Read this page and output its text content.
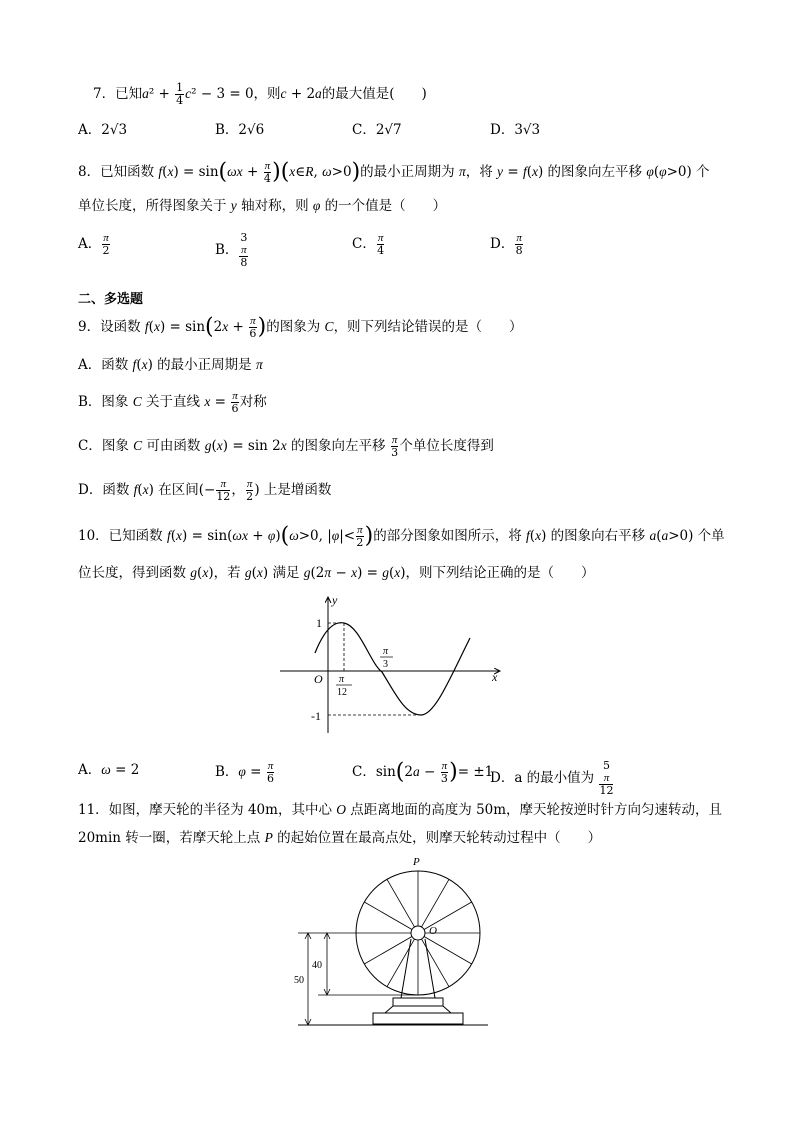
7．已知$a^2 + \frac{1}{4} c^2 - 3 = 0$，则c + 2a的最大值是(　　)
A．2√3	B．2√6	C．2√7	D．3√3
8．已知函数 $f(x) = \sin(\omega x + \frac{\pi}{4}$ )(x∈R, ω>0)的最小正周期为 π，将 y = f(x) 的图象向左平移 φ(φ>0) 个
单位长度，所得图象关于 y 轴对称，则 φ 的一个值是（　　）
A． $\frac{\pi}{2}$	B． 3
π
8	C． $\frac{\pi}{4}$	D． $\frac{\pi}{8}$
二、多选题
9．设函数 $f(x) = \sin(2x + \frac{\pi}{6}$ )的图象为 C，则下列结论错误的是（　　）
A．函数 f(x) 的最小正周期是 π
B．图象 C 关于直线 $x = \frac{\pi}{6}$ 对称
C．图象 C 可由函数 g(x) = sin 2x 的图象向左平移 $\frac{\pi}{3}$ 个单位长度得到
D．函数 f(x) 在区间(− $\frac{\pi}{12}$ ， $\frac{\pi}{2}$ ) 上是增函数
10．已知函数 f(x) = sin(ωx + φ)(ω>0, $|\varphi|< \frac{\pi}{2}$ )的部分图象如图所示，将 f(x) 的图象向右平移 a(a>0) 个单
位长度，得到函数 g(x)，若 g(x) 满足 g(2π − x) = g(x)，则下列结论正确的是（　　）
y
x
O
1
-1
π
12
π
3
A．ω = 2	B．$\varphi = \frac{\pi}{6}$	C．$\sin(2a - \frac{\pi}{3}$ )= ±1
D．a 的最小值为 5
π
12
11．如图，摩天轮的半径为 40m，其中心 O 点距离地面的高度为 50m，摩天轮按逆时针方向匀速转动，且
20min 转一圈，若摩天轮上点 P 的起始位置在最高点处，则摩天轮转动过程中（　　）
P
O
50
40
